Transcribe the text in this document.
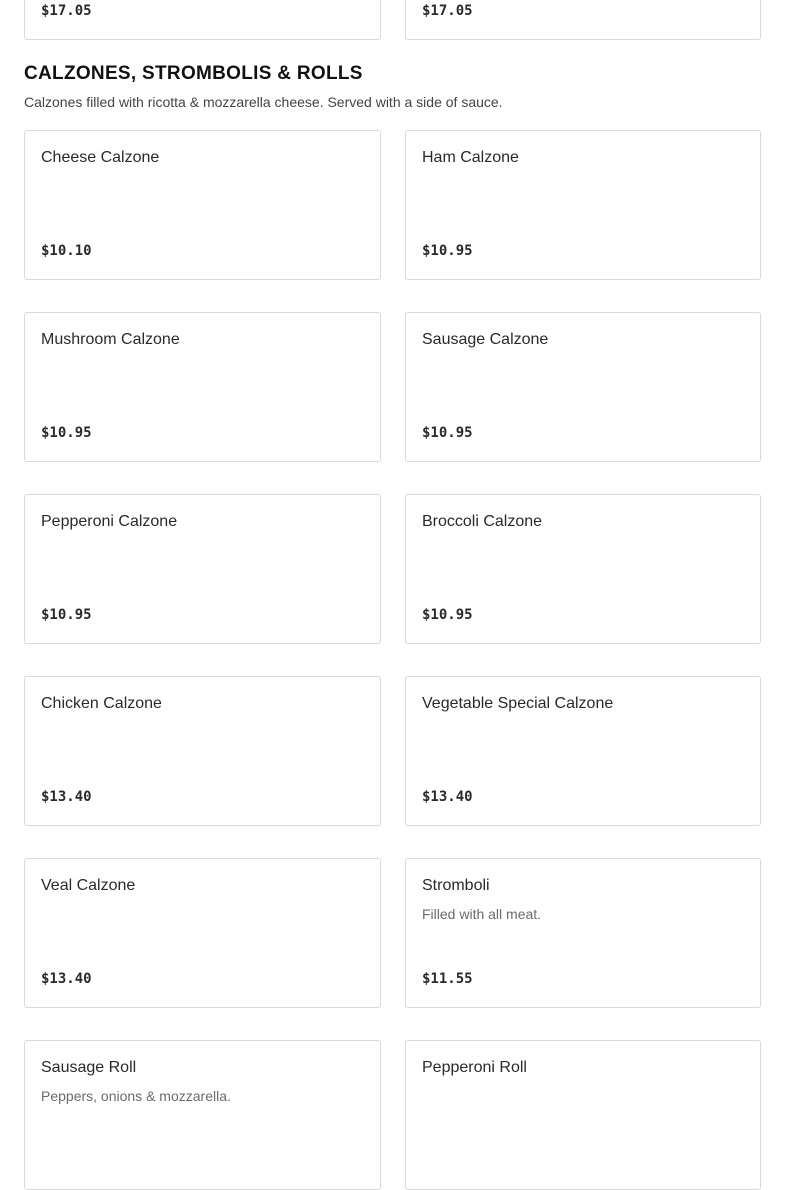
$17.05	$17.05
CALZONES, STROMBOLIS & ROLLS

Calzones filled with ricotta & mozzarella cheese. Served with a side of sauce.

Cheese Calzone
$10.10
Ham Calzone
$10.95
Mushroom Calzone
$10.95
Sausage Calzone
$10.95
Pepperoni Calzone
$10.95
Broccoli Calzone
$10.95
Chicken Calzone
$13.40
Vegetable Special Calzone
$13.40
Veal Calzone
$13.40
Stromboli
Filled with all meat.
$11.55
Sausage Roll
Peppers, onions & mozzarella.
Pepperoni Roll
